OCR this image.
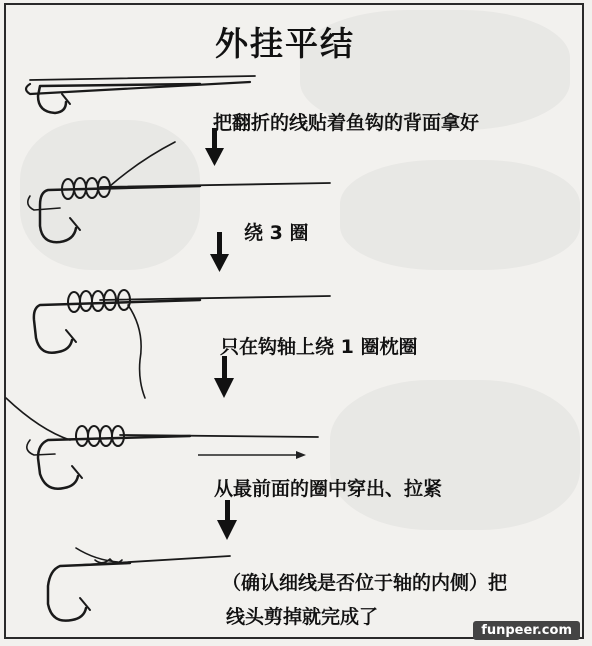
外挂平结
把翻折的线贴着鱼钩的背面拿好
绕 3 圈
只在钩轴上绕 1 圈枕圈
从最前面的圈中穿出、拉紧
（确认细线是否位于轴的内侧）把
线头剪掉就完成了
funpeer.com
